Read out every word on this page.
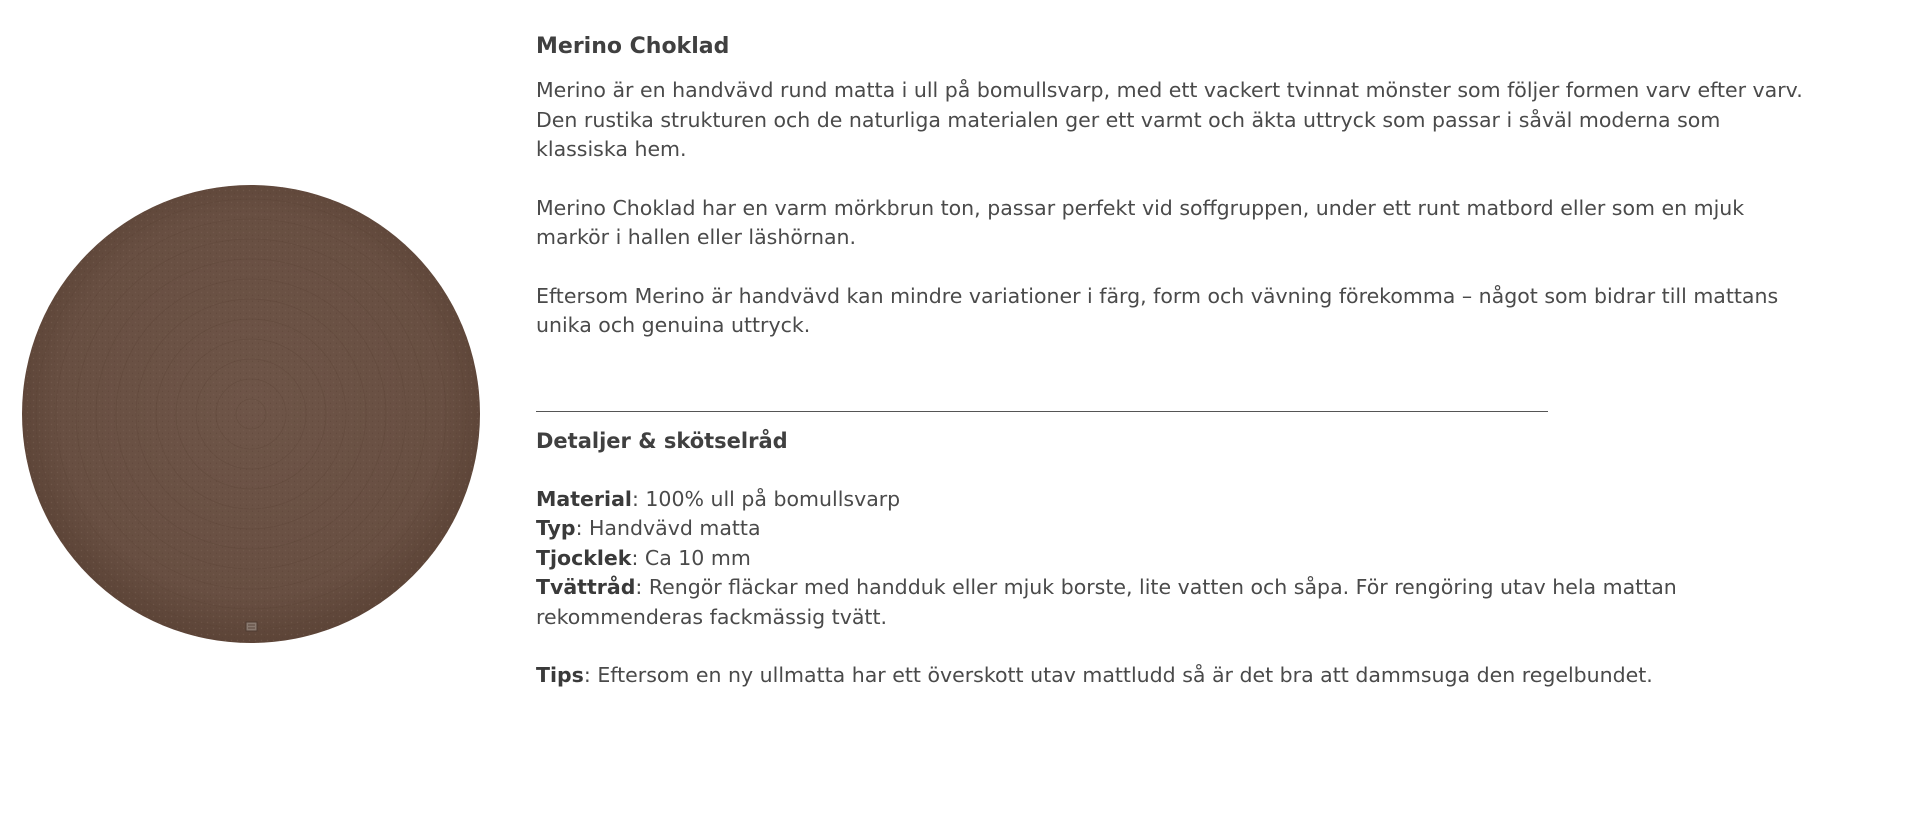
Merino Choklad

Merino är en handvävd rund matta i ull på bomullsvarp, med ett vackert tvinnat mönster som följer formen varv efter varv. Den rustika strukturen och de naturliga materialen ger ett varmt och äkta uttryck som passar i såväl moderna som klassiska hem.

Merino Choklad har en varm mörkbrun ton, passar perfekt vid soffgruppen, under ett runt matbord eller som en mjuk markör i hallen eller läshörnan.

Eftersom Merino är handvävd kan mindre variationer i färg, form och vävning förekomma – något som bidrar till mattans unika och genuina uttryck.

Detaljer & skötselråd

Material: 100% ull på bomullsvarp

Typ: Handvävd matta

Tjocklek: Ca 10 mm

Tvättråd: Rengör fläckar med handduk eller mjuk borste, lite vatten och såpa. För rengöring utav hela mattan rekommenderas fackmässig tvätt.

Tips: Eftersom en ny ullmatta har ett överskott utav mattludd så är det bra att dammsuga den regelbundet.
